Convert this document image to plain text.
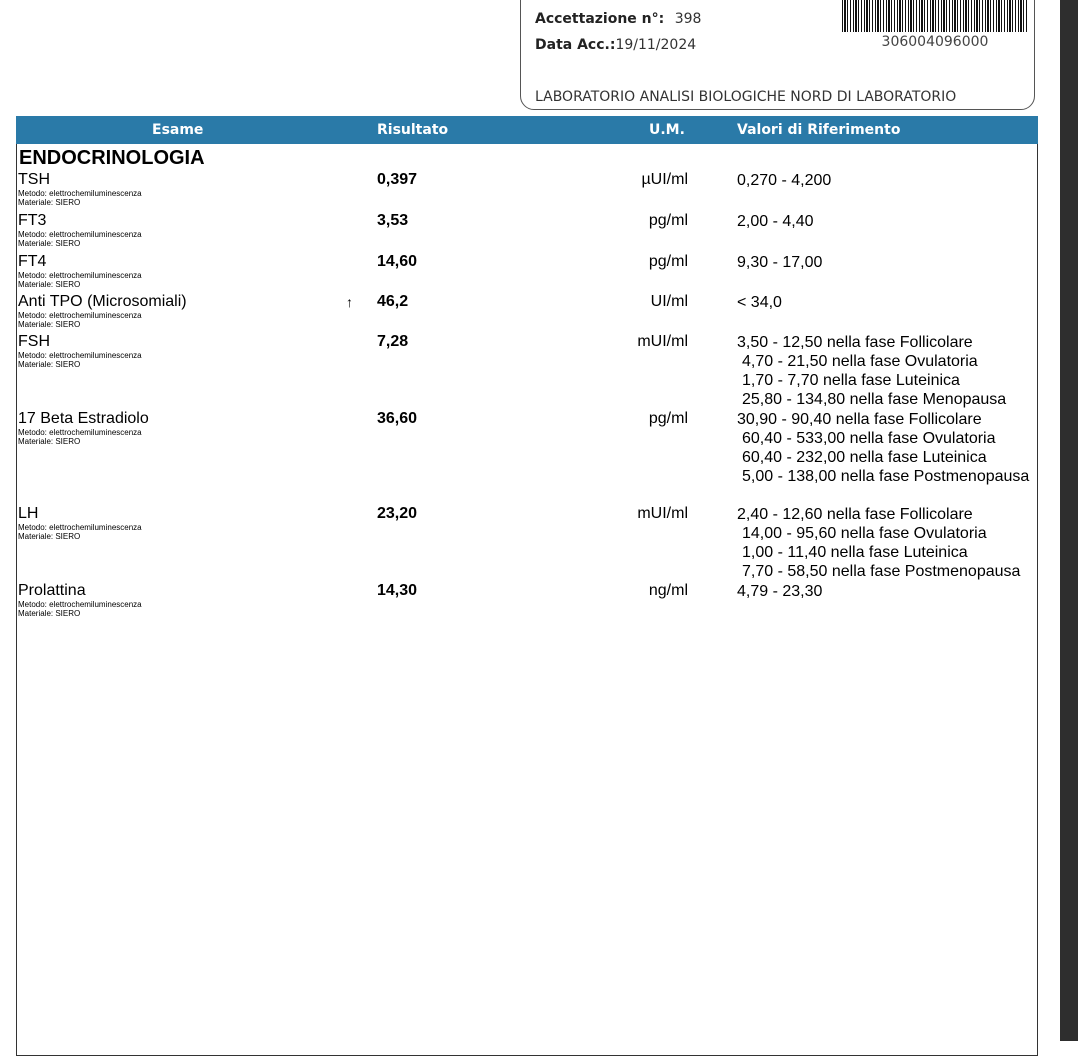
Accettazione n°: 398
Data Acc.:19/11/2024	306004096000
LABORATORIO ANALISI BIOLOGICHE NORD DI LABORATORIO
Esame	Risultato	U.M.	Valori di Riferimento
ENDOCRINOLOGIA
TSH
Metodo: elettrochemiluminescenza
Materiale: SIERO
0,397	µUI/ml	0,270 - 4,200
FT3
Metodo: elettrochemiluminescenza
Materiale: SIERO
3,53	pg/ml	2,00 - 4,40
FT4
Metodo: elettrochemiluminescenza
Materiale: SIERO
14,60	pg/ml	9,30 - 17,00
Anti TPO (Microsomiali)
Metodo: elettrochemiluminescenza
Materiale: SIERO
↑ 46,2	UI/ml	< 34,0
FSH
Metodo: elettrochemiluminescenza
Materiale: SIERO
7,28	mUI/ml	3,50 - 12,50 nella fase Follicolare
4,70 - 21,50 nella fase Ovulatoria
1,70 - 7,70 nella fase Luteinica
25,80 - 134,80 nella fase Menopausa
17 Beta Estradiolo
Metodo: elettrochemiluminescenza
Materiale: SIERO
36,60	pg/ml	30,90 - 90,40 nella fase Follicolare
60,40 - 533,00 nella fase Ovulatoria
60,40 - 232,00 nella fase Luteinica
5,00 - 138,00 nella fase Postmenopausa
LH
Metodo: elettrochemiluminescenza
Materiale: SIERO
23,20	mUI/ml	2,40 - 12,60 nella fase Follicolare
14,00 - 95,60 nella fase Ovulatoria
1,00 - 11,40 nella fase Luteinica
7,70 - 58,50 nella fase Postmenopausa
Prolattina
Metodo: elettrochemiluminescenza
Materiale: SIERO
14,30	ng/ml	4,79 - 23,30
